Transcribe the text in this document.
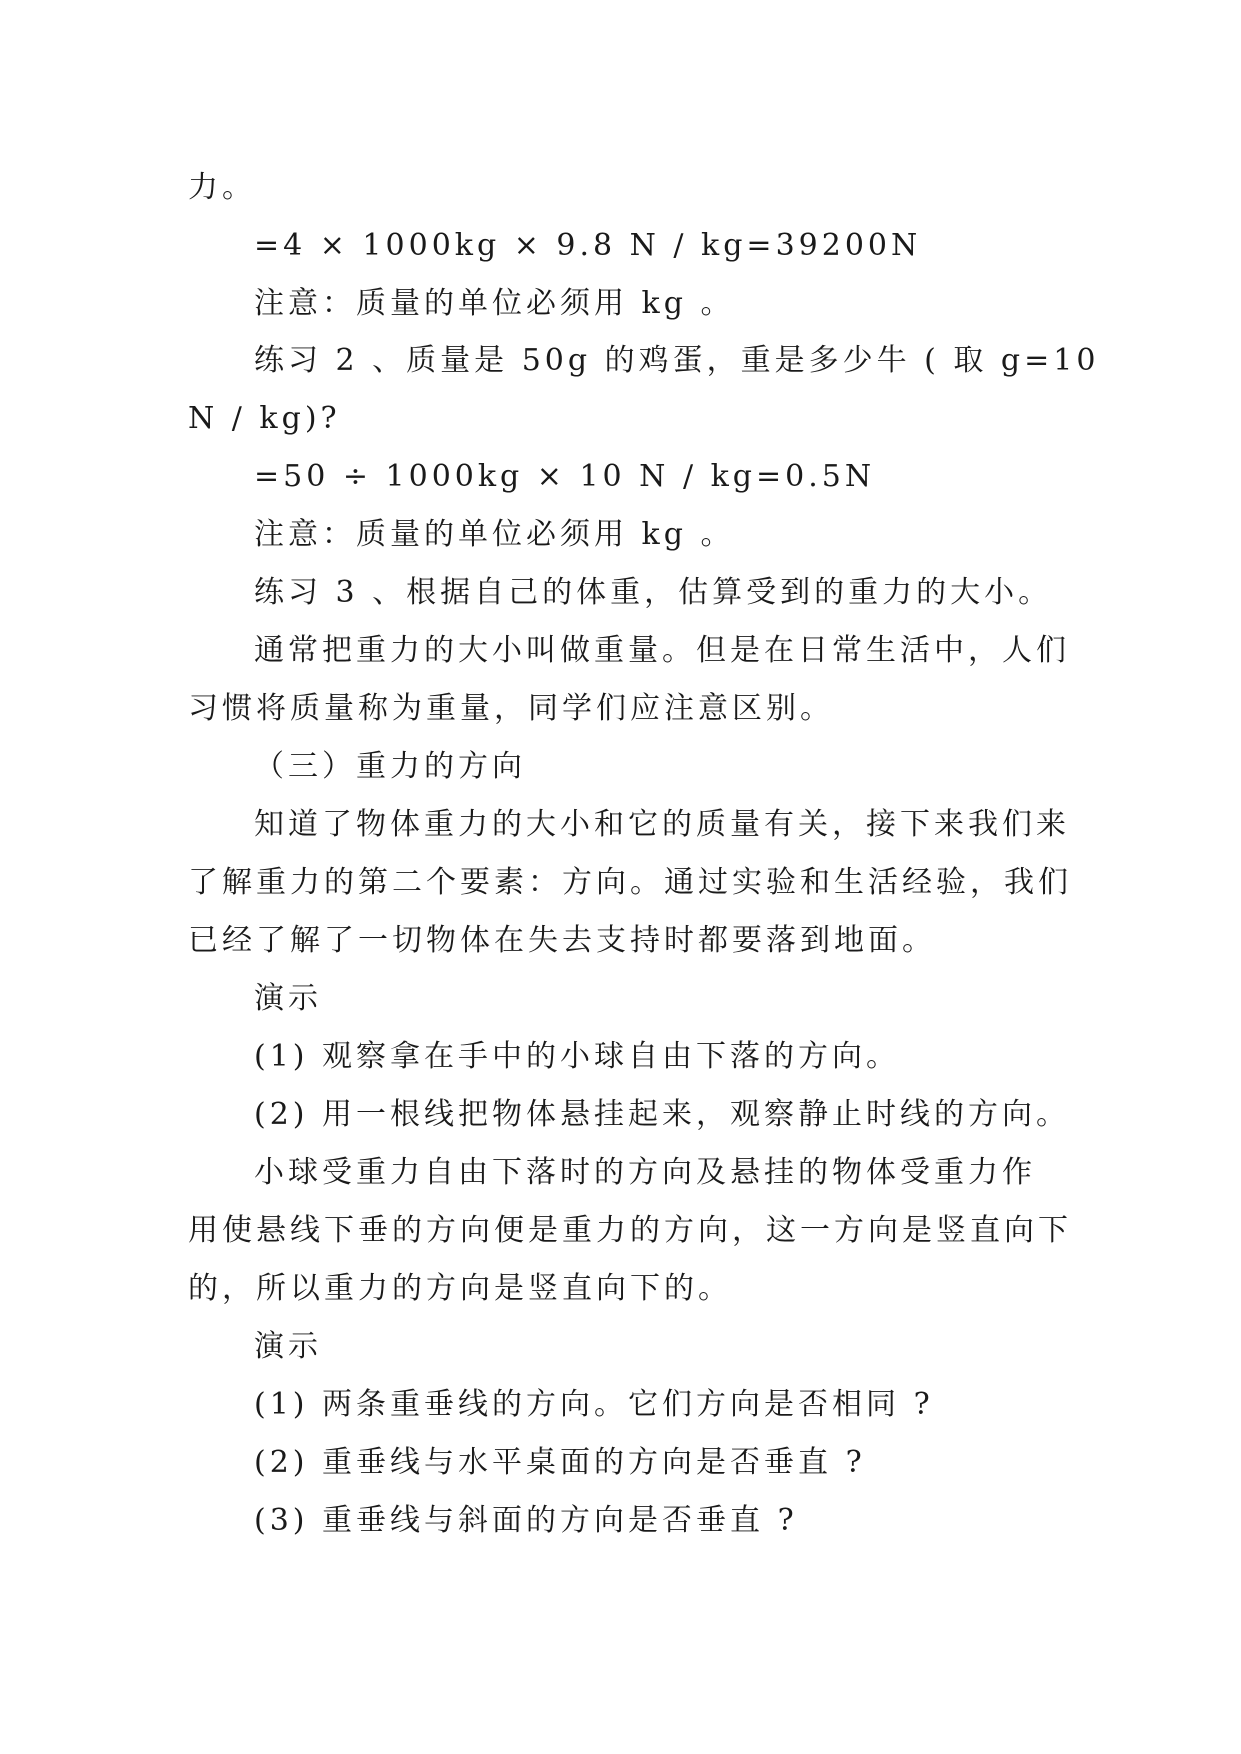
力。
=4 × 1000kg × 9.8 N / kg=39200N
注意：质量的单位必须用 kg 。
练习 2 、质量是 50g 的鸡蛋，重是多少牛 ( 取 g=10
N / kg)?
=50 ÷ 1000kg × 10 N / kg=0.5N
注意：质量的单位必须用 kg 。
练习 3 、根据自己的体重，估算受到的重力的大小。
通常把重力的大小叫做重量。但是在日常生活中，人们
习惯将质量称为重量，同学们应注意区别。
（三）重力的方向
知道了物体重力的大小和它的质量有关，接下来我们来
了解重力的第二个要素：方向。通过实验和生活经验，我们
已经了解了一切物体在失去支持时都要落到地面。
演示
(1) 观察拿在手中的小球自由下落的方向。
(2) 用一根线把物体悬挂起来，观察静止时线的方向。
小球受重力自由下落时的方向及悬挂的物体受重力作
用使悬线下垂的方向便是重力的方向，这一方向是竖直向下
的，所以重力的方向是竖直向下的。
演示
(1) 两条重垂线的方向。它们方向是否相同 ?
(2) 重垂线与水平桌面的方向是否垂直 ?
(3) 重垂线与斜面的方向是否垂直 ?
